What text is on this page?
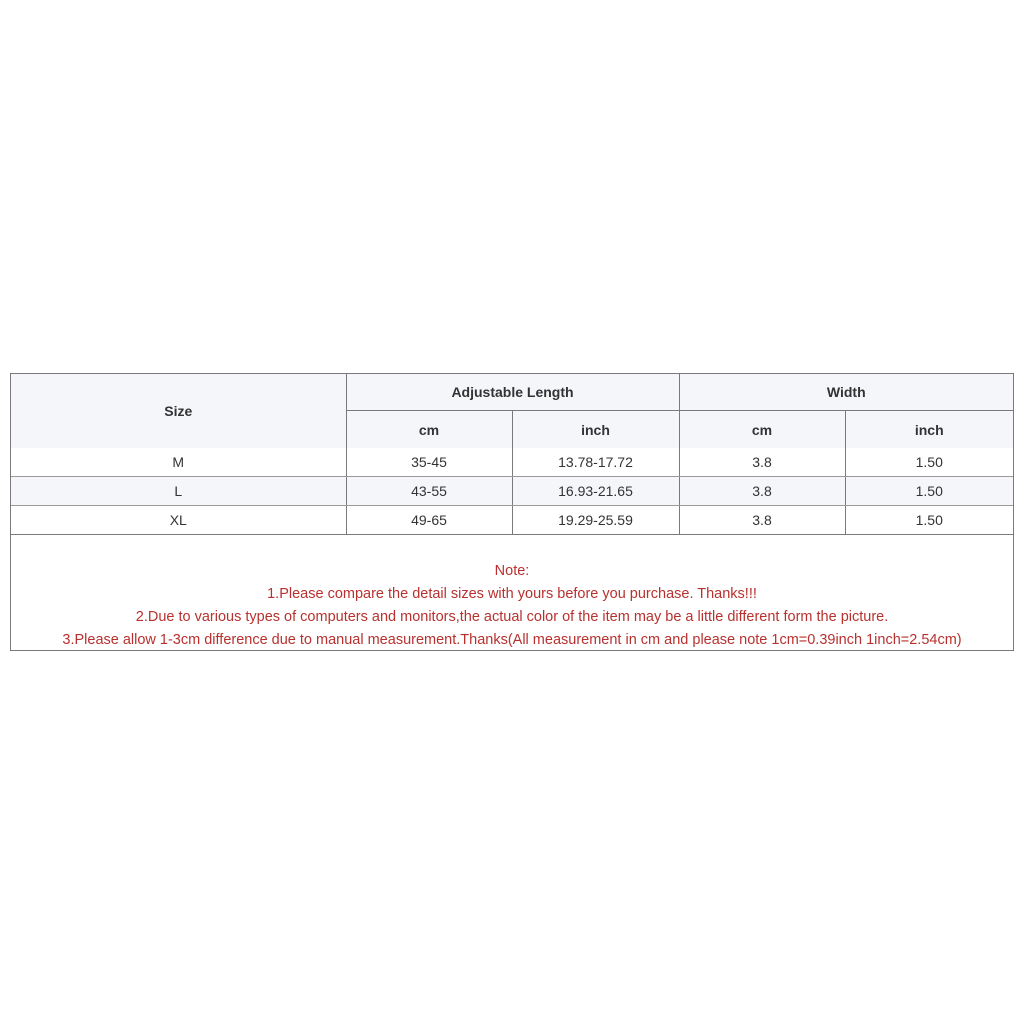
Size	Adjustable Length		Width	
	cm	inch	cm	inch
M	35-45	13.78-17.72	3.8	1.50
L	43-55	16.93-21.65	3.8	1.50
XL	49-65	19.29-25.59	3.8	1.50
Note:
1.Please compare the detail sizes with yours before you purchase. Thanks!!!
2.Due to various types of computers and monitors,the actual color of the item may be a little different form the picture.
3.Please allow 1-3cm difference due to manual measurement.Thanks(All measurement in cm and please note 1cm=0.39inch 1inch=2.54cm)
